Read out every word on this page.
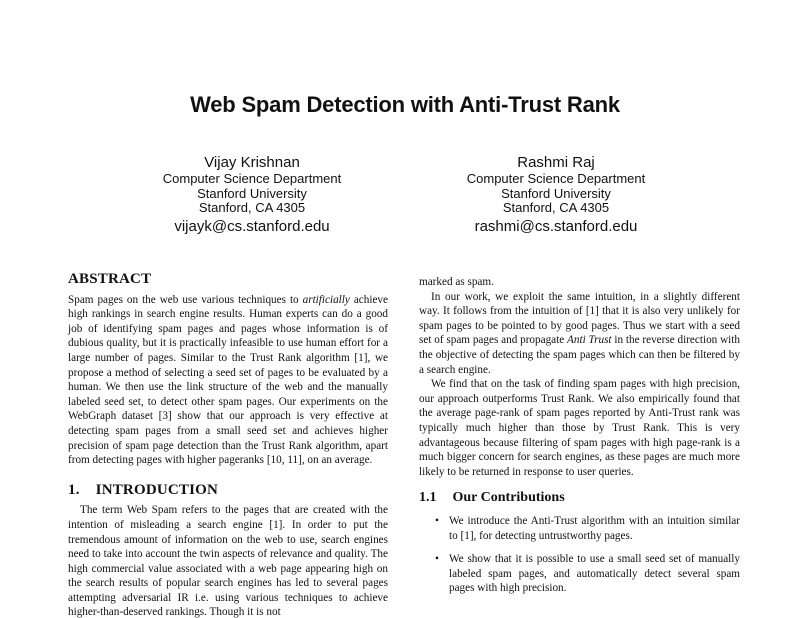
Web Spam Detection with Anti-Trust Rank
Vijay Krishnan
Computer Science Department
Stanford University
Stanford, CA 4305
vijayk@cs.stanford.edu
Rashmi Raj
Computer Science Department
Stanford University
Stanford, CA 4305
rashmi@cs.stanford.edu
ABSTRACT

Spam pages on the web use various techniques to artificially achieve high rankings in search engine results. Human experts can do a good job of identifying spam pages and pages whose information is of dubious quality, but it is practically infeasible to use human effort for a large number of pages. Similar to the Trust Rank algorithm [1], we propose a method of selecting a seed set of pages to be evaluated by a human. We then use the link structure of the web and the manually labeled seed set, to detect other spam pages. Our experiments on the WebGraph dataset [3] show that our approach is very effective at detecting spam pages from a small seed set and achieves higher precision of spam page detection than the Trust Rank algorithm, apart from detecting pages with higher pageranks [10, 11], on an average.

1. INTRODUCTION

The term Web Spam refers to the pages that are created with the intention of misleading a search engine [1]. In order to put the tremendous amount of information on the web to use, search engines need to take into account the twin aspects of relevance and quality. The high commercial value associated with a web page appearing high on the search results of popular search engines has led to several pages attempting adversarial IR i.e. using various techniques to achieve higher-than-deserved rankings. Though it is not

marked as spam.

In our work, we exploit the same intuition, in a slightly different way. It follows from the intuition of [1] that it is also very unlikely for spam pages to be pointed to by good pages. Thus we start with a seed set of spam pages and propagate Anti Trust in the reverse direction with the objective of detecting the spam pages which can then be filtered by a search engine.

We find that on the task of finding spam pages with high precision, our approach outperforms Trust Rank. We also empirically found that the average page-rank of spam pages reported by Anti-Trust rank was typically much higher than those by Trust Rank. This is very advantageous because filtering of spam pages with high page-rank is a much bigger concern for search engines, as these pages are much more likely to be returned in response to user queries.

1.1 Our Contributions
• We introduce the Anti-Trust algorithm with an intuition similar to [1], for detecting untrustworthy pages.
• We show that it is possible to use a small seed set of manually labeled spam pages, and automatically detect several spam pages with high precision.
